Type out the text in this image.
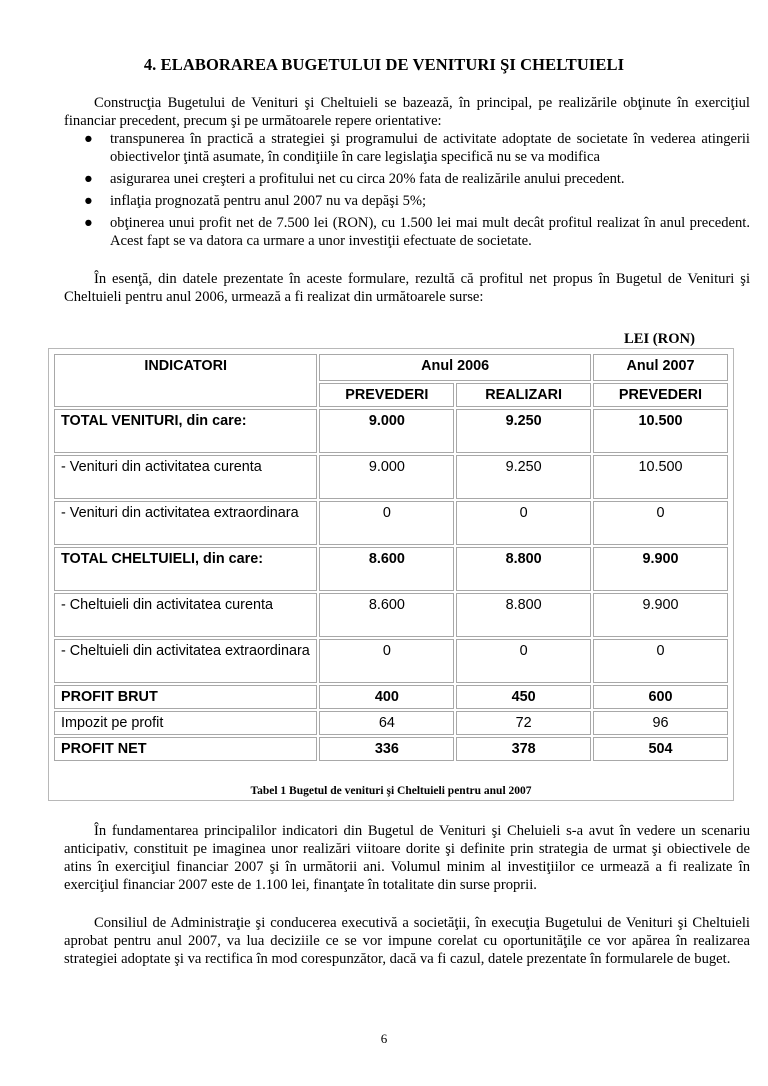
4. ELABORAREA BUGETULUI DE VENITURI ŞI CHELTUIELI
Construcţia Bugetului de Venituri şi Cheltuieli se bazează, în principal, pe realizările obţinute în exerciţiul financiar precedent, precum şi pe următoarele repere orientative:
● transpunerea în practică a strategiei şi programului de activitate adoptate de societate în vederea atingerii obiectivelor ţintă asumate, în condiţiile în care legislaţia specifică nu se va modifica
● asigurarea unei creşteri a profitului net cu circa 20% fata de realizările anului precedent.
● inflaţia prognozată pentru anul 2007 nu va depăşi 5%;
● obţinerea unui profit net de 7.500 lei (RON), cu 1.500 lei mai mult decât profitul realizat în anul precedent. Acest fapt se va datora ca urmare a unor investiţii efectuate de societate.
În esenţă, din datele prezentate în aceste formulare, rezultă că profitul net propus în Bugetul de Venituri şi Cheltuieli pentru anul 2006, urmează a fi realizat din următoarele surse:
LEI (RON)
INDICATORI	Anul 2006		Anul 2007
	PREVEDERI	REALIZARI	PREVEDERI
TOTAL VENITURI, din care:	9.000	9.250	10.500
- Venituri din activitatea curenta	9.000	9.250	10.500
- Venituri din activitatea extraordinara	0	0	0
TOTAL CHELTUIELI, din care:	8.600	8.800	9.900
- Cheltuieli din activitatea curenta	8.600	8.800	9.900
- Cheltuieli din activitatea extraordinara	0	0	0
PROFIT BRUT	400	450	600
Impozit pe profit	64	72	96
PROFIT NET	336	378	504
Tabel 1 Bugetul de venituri şi Cheltuieli pentru anul 2007
În fundamentarea principalilor indicatori din Bugetul de Venituri şi Cheluieli s-a avut în vedere un scenariu anticipativ, constituit pe imaginea unor realizări viitoare dorite şi definite prin strategia de urmat şi obiectivele de atins în exerciţiul financiar 2007 şi în următorii ani. Volumul minim al investiţiilor ce urmează a fi realizate în exerciţiul financiar 2007 este de 1.100 lei, finanţate în totalitate din surse proprii.
Consiliul de Administraţie şi conducerea executivă a societăţii, în execuţia Bugetului de Venituri şi Cheltuieli aprobat pentru anul 2007, va lua deciziile ce se vor impune corelat cu oportunităţile ce vor apărea în realizarea strategiei adoptate şi va rectifica în mod corespunzător, dacă va fi cazul, datele prezentate în formularele de buget.
6
